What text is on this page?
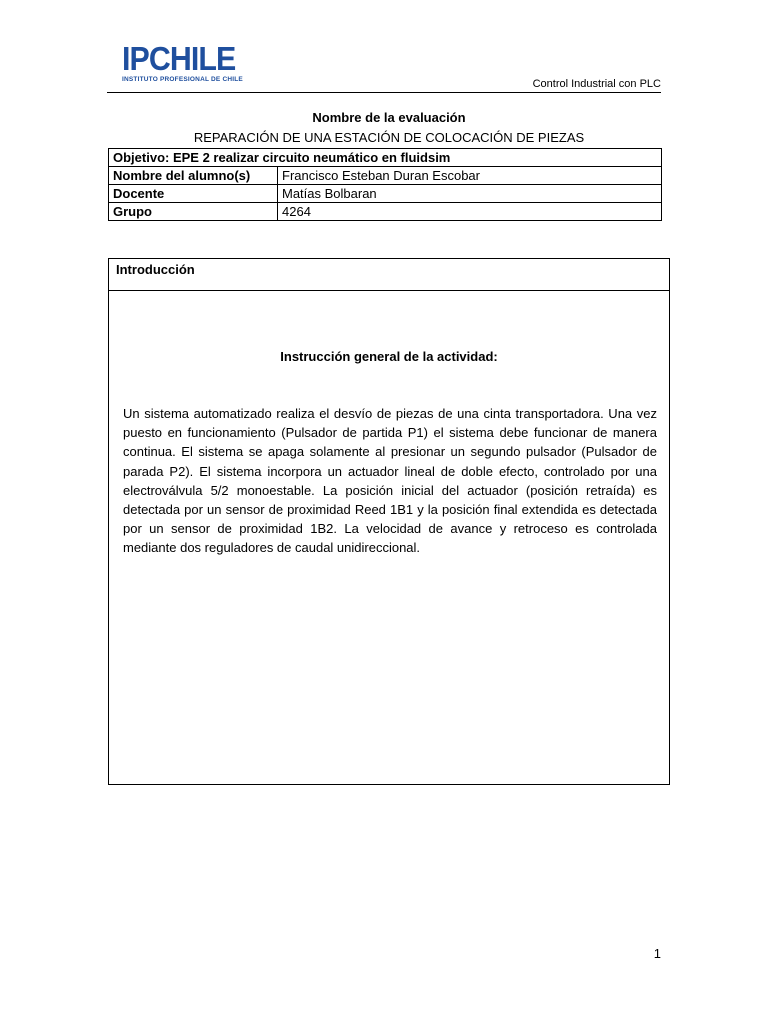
IPCHILE
INSTITUTO PROFESIONAL DE CHILE	Control Industrial con PLC
Nombre de la evaluación
REPARACIÓN DE UNA ESTACIÓN DE COLOCACIÓN DE PIEZAS
Objetivo: EPE 2 realizar circuito neumático en fluidsim	
Nombre del alumno(s)	Francisco Esteban Duran Escobar
Docente	Matías Bolbaran
Grupo	4264
Introducción
Instrucción general de la actividad:
Un sistema automatizado realiza el desvío de piezas de una cinta transportadora. Una vez puesto en funcionamiento (Pulsador de partida P1) el sistema debe funcionar de manera continua. El sistema se apaga solamente al presionar un segundo pulsador (Pulsador de parada P2). El sistema incorpora un actuador lineal de doble efecto, controlado por una electroválvula 5/2 monoestable. La posición inicial del actuador (posición retraída) es detectada por un sensor de proximidad Reed 1B1 y la posición final extendida es detectada por un sensor de proximidad 1B2. La velocidad de avance y retroceso es controlada mediante dos reguladores de caudal unidireccional.
1
